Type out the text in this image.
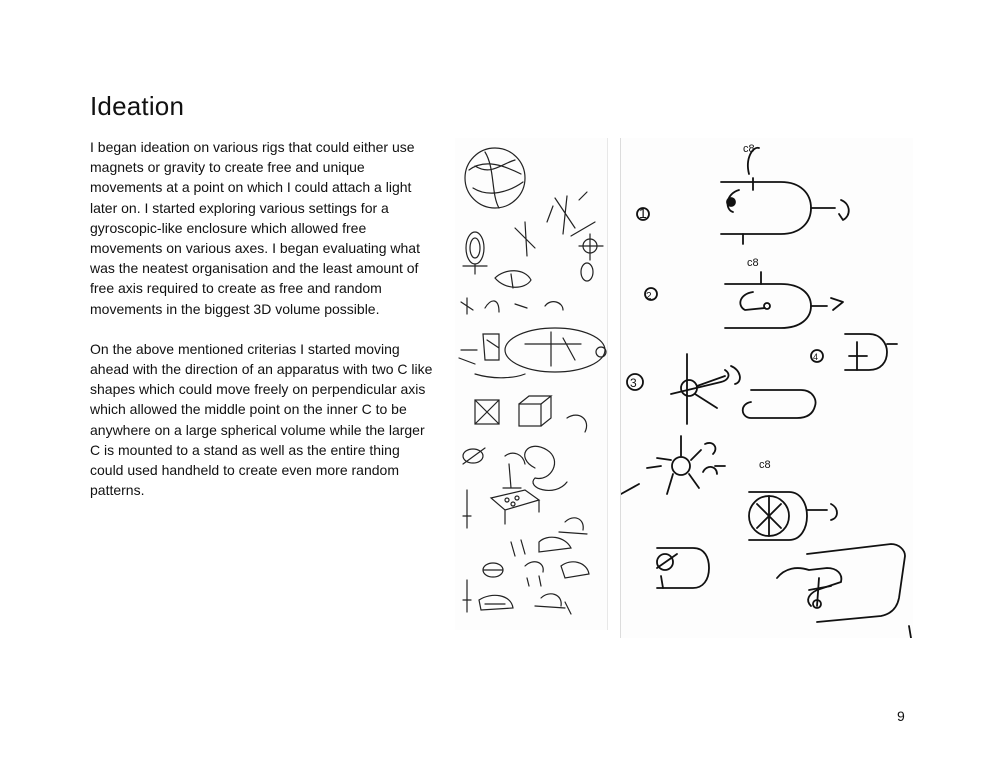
Ideation

I began ideation on various rigs that could either use magnets or gravity to create free and unique movements at a point on which I could attach a light later on. I started exploring various settings for a gyroscopic-like enclosure which allowed free movements on various axes. I began evaluating what was the neatest organisation and the least amount of free axis required to create as free and random movements in the biggest 3D volume possible.

On the above mentioned criterias I started moving ahead with the direction of an apparatus with two C like shapes which could move freely on perpendicular axis which allowed the middle point on the inner C to be anywhere on a large spherical volume while the larger C is mounted to a stand as well as the entire thing could used handheld to create even more random patterns.

1
c8
2
c8
4
3
c8
9
